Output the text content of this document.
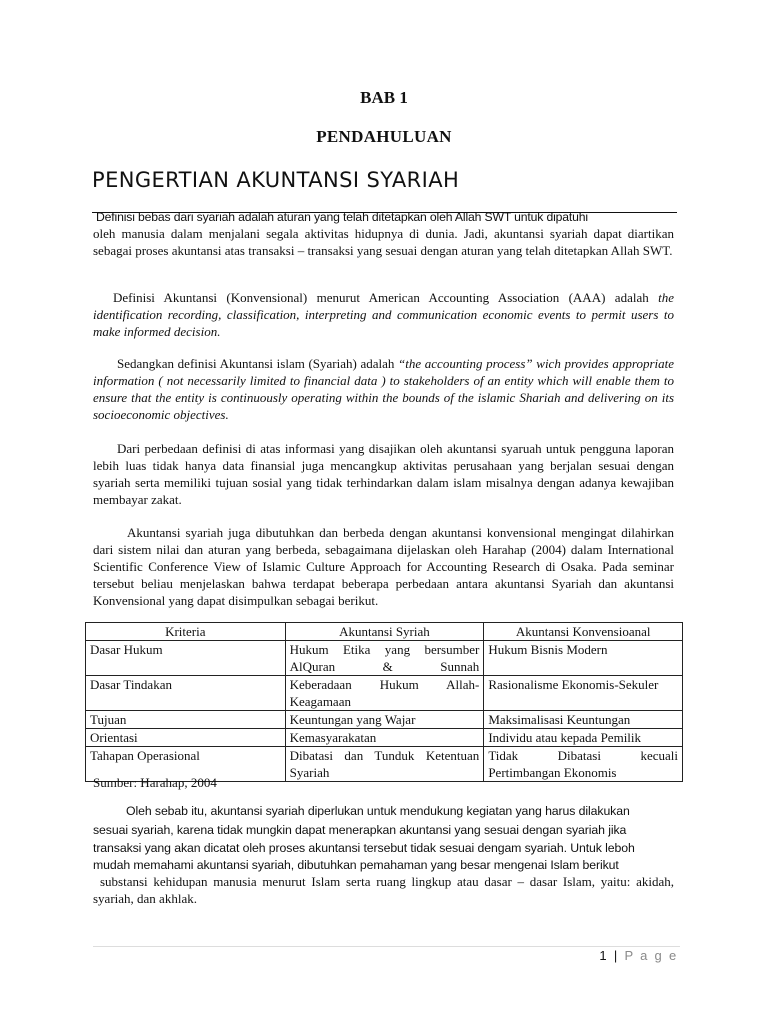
BAB 1
PENDAHULUAN
PENGERTIAN AKUNTANSI SYARIAH
Definisi bebas dari syariah adalah aturan yang telah ditetapkan oleh Allah SWT untuk dipatuhi

oleh manusia dalam menjalani segala aktivitas hidupnya di dunia. Jadi, akuntansi syariah dapat diartikan sebagai proses akuntansi atas transaksi – transaksi yang sesuai dengan aturan yang telah ditetapkan Allah SWT.

Definisi Akuntansi (Konvensional) menurut American Accounting Association (AAA) adalah the identification recording, classification, interpreting and communication economic events to permit users to make informed decision.

Sedangkan definisi Akuntansi islam (Syariah) adalah “the accounting process” wich provides appropriate information ( not necessarily limited to financial data ) to stakeholders of an entity which will enable them to ensure that the entity is continuously operating within the bounds of the islamic Shariah and delivering on its socioeconomic objectives.

Dari perbedaan definisi di atas informasi yang disajikan oleh akuntansi syaruah untuk pengguna laporan lebih luas tidak hanya data finansial juga mencangkup aktivitas perusahaan yang berjalan sesuai dengan syariah serta memiliki tujuan sosial yang tidak terhindarkan dalam islam misalnya dengan adanya kewajiban membayar zakat.

Akuntansi syariah juga dibutuhkan dan berbeda dengan akuntansi konvensional mengingat dilahirkan dari sistem nilai dan aturan yang berbeda, sebagaimana dijelaskan oleh Harahap (2004) dalam International Scientific Conference View of Islamic Culture Approach for Accounting Research di Osaka. Pada seminar tersebut beliau menjelaskan bahwa terdapat beberapa perbedaan antara akuntansi Syariah dan akuntansi Konvensional yang dapat disimpulkan sebagai berikut.

Kriteria	Akuntansi Syriah	Akuntansi Konvensioanal
Dasar Hukum	Hukum Etika yang bersumber AlQuran & Sunnah	Hukum Bisnis Modern
Dasar Tindakan	Keberadaan Hukum Allah-Keagamaan	Rasionalisme Ekonomis-Sekuler
Tujuan	Keuntungan yang Wajar	Maksimalisasi Keuntungan
Orientasi	Kemasyarakatan	Individu atau kepada Pemilik
Tahapan Operasional	Dibatasi dan Tunduk Ketentuan Syariah	Tidak Dibatasi kecuali Pertimbangan Ekonomis
Sumber: Harahap, 2004
Oleh sebab itu, akuntansi syariah diperlukan untuk mendukung kegiatan yang harus dilakukan
sesuai syariah, karena tidak mungkin dapat menerapkan akuntansi yang sesuai dengan syariah jika
transaksi yang akan dicatat oleh proses akuntansi tersebut tidak sesuai dengam syariah. Untuk leboh
mudah memahami akuntansi syariah, dibutuhkan pemahaman yang besar mengenai Islam berikut

substansi kehidupan manusia menurut Islam serta ruang lingkup atau dasar – dasar Islam, yaitu: akidah, syariah, dan akhlak.

1 | P a g e
